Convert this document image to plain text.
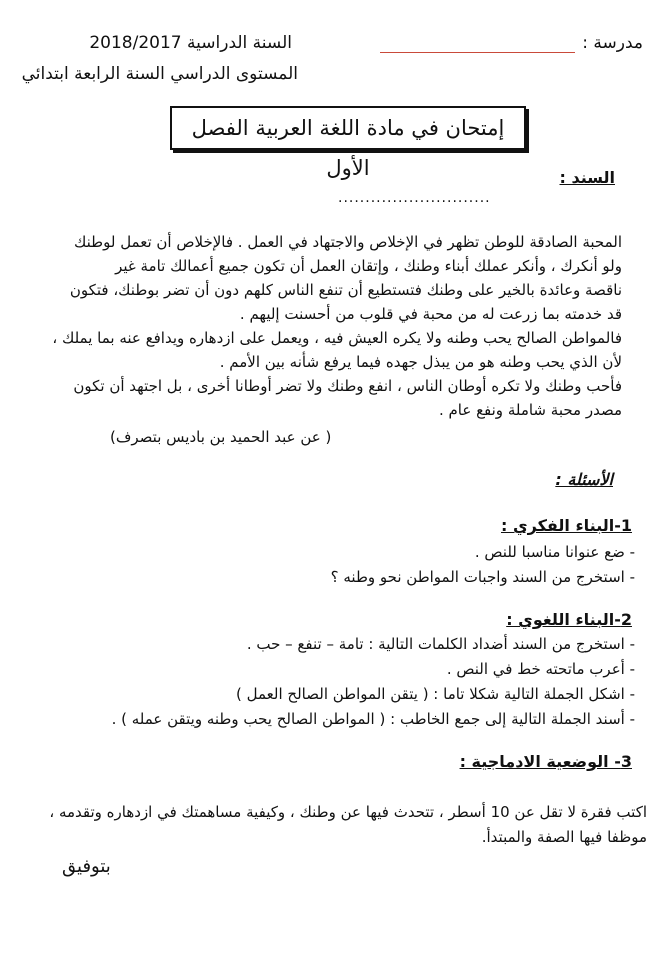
مدرسة :
السنة الدراسية 2018/2017
المستوى الدراسي السنة الرابعة ابتدائي
إمتحان في مادة اللغة العربية الفصل الأول	السند :
............................

المحبة الصادقة للوطن تظهر في الإخلاص والاجتهاد في العمل . فالإخلاص أن تعمل لوطنك

ولو أنكرك ، وأنكر عملك أبناء وطنك ، وإتقان العمل أن تكون جميع أعمالك تامة غير

ناقصة وعائدة بالخير على وطنك فتستطيع أن تنفع الناس كلهم دون أن تضر بوطنك، فتكون

قد خدمته بما زرعت له من محبة في قلوب من أحسنت إليهم .

فالمواطن الصالح يحب وطنه ولا يكره العيش فيه ، ويعمل على ازدهاره ويدافع عنه بما يملك ،

لأن الذي يحب وطنه هو من يبذل جهده فيما يرفع شأنه بين الأمم .

فأحب وطنك ولا تكره أوطان الناس ، انفع وطنك ولا تضر أوطانا أخرى ، بل اجتهد أن تكون

مصدر محبة شاملة ونفع عام .

( عن عبد الحميد بن باديس بتصرف)
الأسئلة :
1-البناء الفكري :
- ضع عنوانا مناسبا للنص .
- استخرج من السند واجبات المواطن نحو وطنه ؟
2-البناء اللغوي :
- استخرج من السند أضداد الكلمات التالية : تامة – تنفع – حب .
- أعرب ماتحته خط في النص .
- اشكل الجملة التالية شكلا تاما : ( يتقن المواطن الصالح العمل )
- أسند الجملة التالية إلى جمع الخاطب : ( المواطن الصالح يحب وطنه ويتقن عمله ) .
3- الوضعية الادماجية :
اكتب فقرة لا تقل عن 10 أسطر ، تتحدث فيها عن وطنك ، وكيفية مساهمتك في ازدهاره وتقدمه ،
موظفا فيها الصفة والمبتدأ.
بتوفيق
